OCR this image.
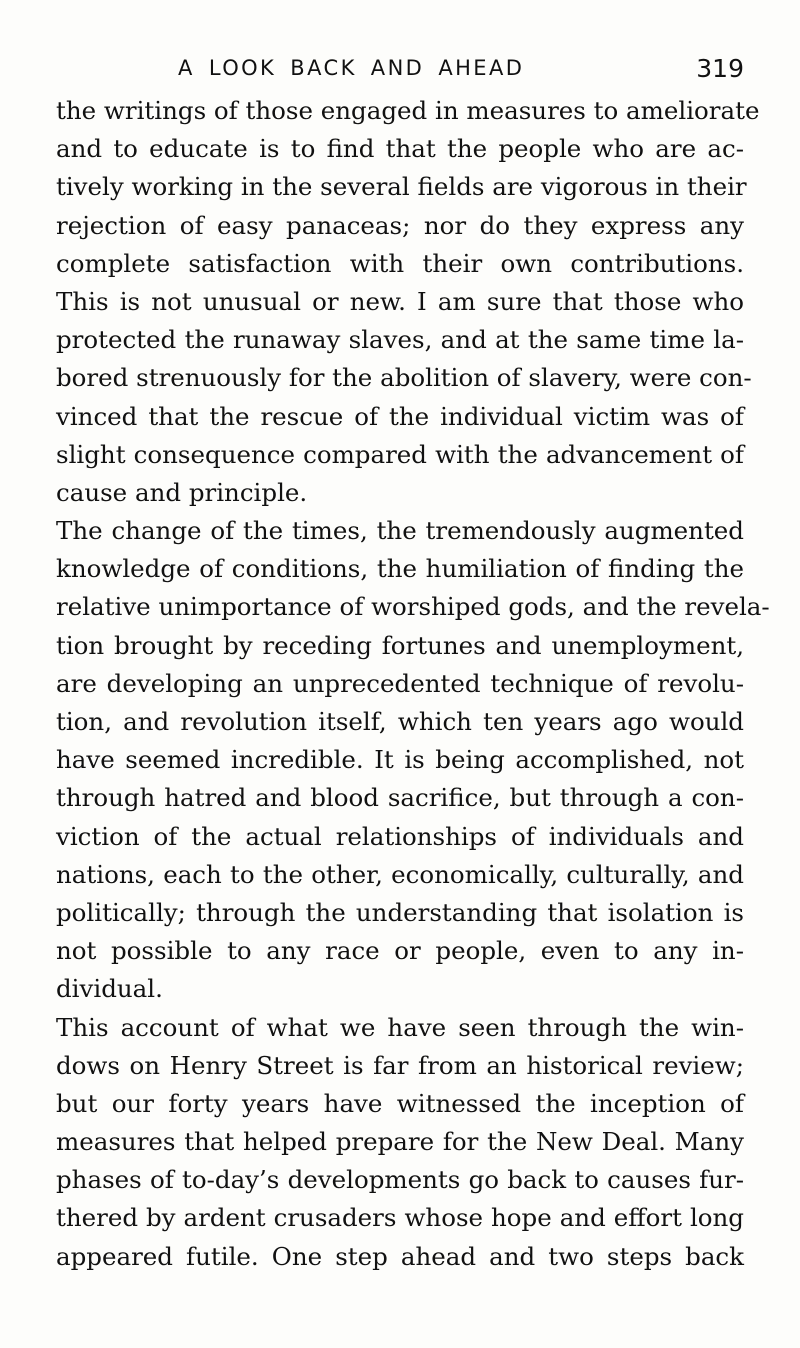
A LOOK BACK AND AHEAD	319
the writings of those engaged in measures to ameliorate
and to educate is to find that the people who are ac-
tively working in the several fields are vigorous in their
rejection of easy panaceas; nor do they express any
complete satisfaction with their own contributions.
This is not unusual or new. I am sure that those who
protected the runaway slaves, and at the same time la-
bored strenuously for the abolition of slavery, were con-
vinced that the rescue of the individual victim was of
slight consequence compared with the advancement of
cause and principle.
The change of the times, the tremendously augmented
knowledge of conditions, the humiliation of finding the
relative unimportance of worshiped gods, and the revela-
tion brought by receding fortunes and unemployment,
are developing an unprecedented technique of revolu-
tion, and revolution itself, which ten years ago would
have seemed incredible. It is being accomplished, not
through hatred and blood sacrifice, but through a con-
viction of the actual relationships of individuals and
nations, each to the other, economically, culturally, and
politically; through the understanding that isolation is
not possible to any race or people, even to any in-
dividual.
This account of what we have seen through the win-
dows on Henry Street is far from an historical review;
but our forty years have witnessed the inception of
measures that helped prepare for the New Deal. Many
phases of to-day’s developments go back to causes fur-
thered by ardent crusaders whose hope and effort long
appeared futile. One step ahead and two steps back
